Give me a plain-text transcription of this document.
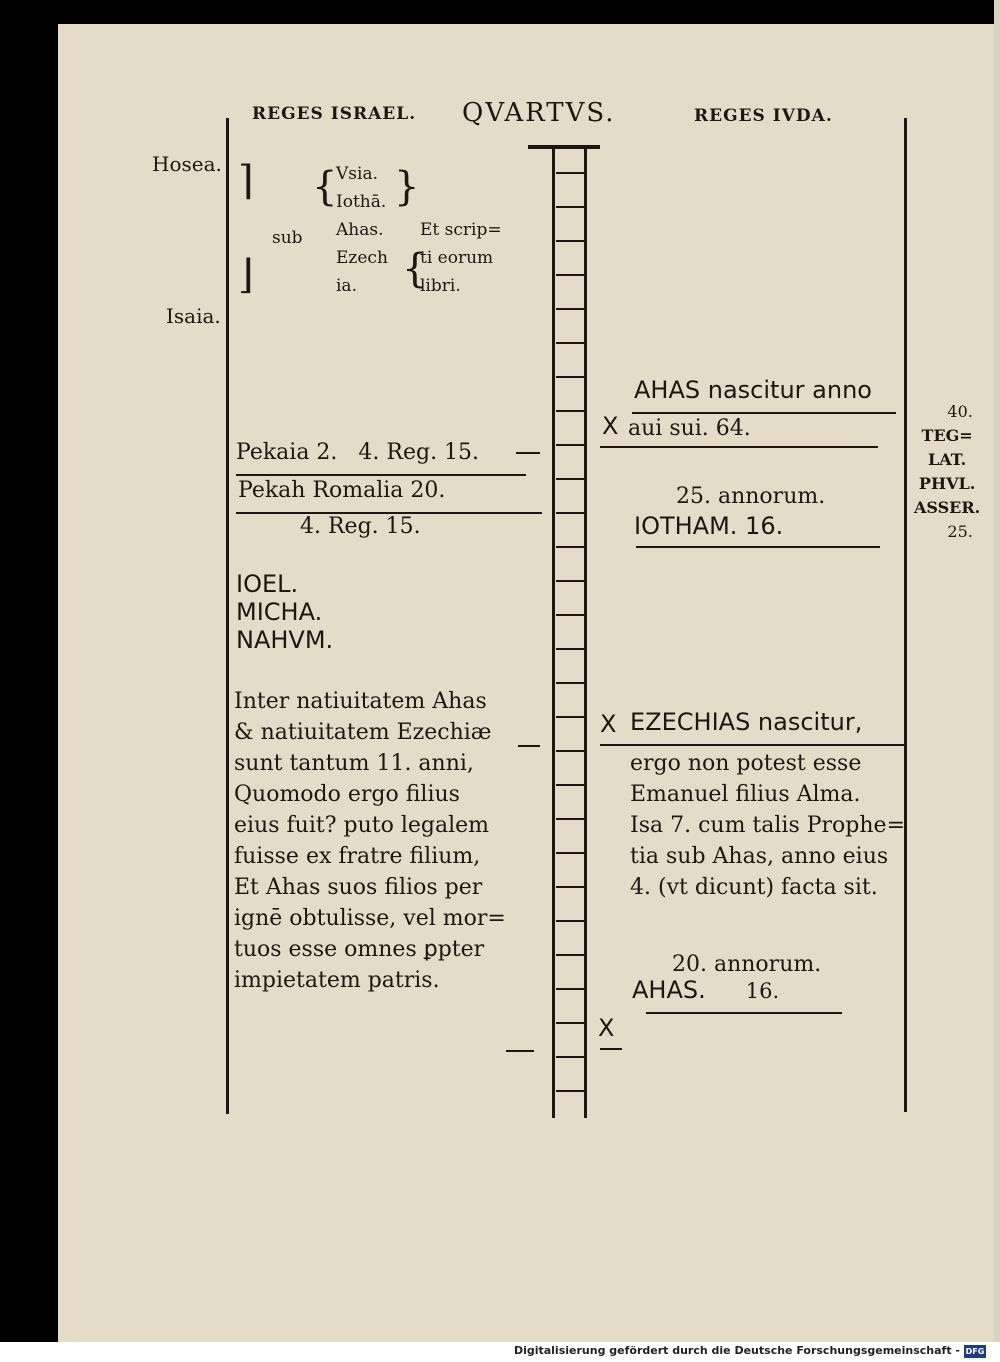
REGES ISRAEL. QVARTVS.	REGES IVDA.
Hosea.
Isaia.
⌉
⌋
sub
Vsia.
Iothā.
Ahas.
Ezech
ia.
{ }
Et scrip=
ti eorum
libri.
{
Pekaia 2. 4. Reg. 15.
Pekah Romalia 20.
4. Reg. 15.
IOEL.
MICHA.
NAHVM.
Inter natiuitatem Ahas
& natiuitatem Ezechiæ
sunt tantum 11. anni,
Quomodo ergo filius
eius fuit? puto legalem
fuisse ex fratre filium,
Et Ahas suos filios per
ignē obtulisse, vel mor=
tuos esse omnes ꝑpter
impietatem patris.
AHAS nascitur anno
X aui sui. 64.
25. annorum.
IOTHAM. 16.
X EZECHIAS nascitur,
ergo non potest esse
Emanuel filius Alma.
Isa 7. cum talis Prophe=
tia sub Ahas, anno eius
4. (vt dicunt) facta sit.
20. annorum.
AHAS. 16.
X
40.
TEG=
LAT.
PHVL.
ASSER.
25.
Digitalisierung gefördert durch die Deutsche Forschungsgemeinschaft - DFG
